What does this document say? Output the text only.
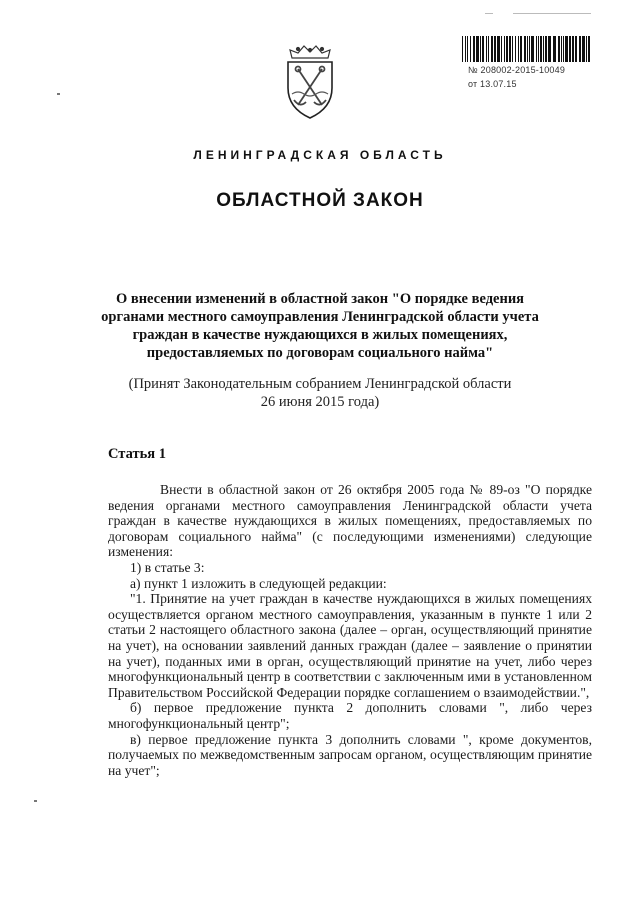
№ 208002-2015-10049
от 13.07.15
ЛЕНИНГРАДСКАЯ ОБЛАСТЬ
ОБЛАСТНОЙ ЗАКОН
О внесении изменений в областной закон "О порядке ведения органами местного самоуправления Ленинградской области учета граждан в качестве нуждающихся в жилых помещениях, предоставляемых по договорам социального найма"
(Принят Законодательным собранием Ленинградской области
26 июня 2015 года)
Статья 1

Внести в областной закон от 26 октября 2005 года № 89-оз "О порядке ведения органами местного самоуправления Ленинградской области учета граждан в качестве нуждающихся в жилых помещениях, предоставляемых по договорам социального найма" (с последующими изменениями) следующие изменения:

1) в статье 3:

а) пункт 1 изложить в следующей редакции:

"1. Принятие на учет граждан в качестве нуждающихся в жилых помещениях осуществляется органом местного самоуправления, указанным в пункте 1 или 2 статьи 2 настоящего областного закона (далее – орган, осуществляющий принятие на учет), на основании заявлений данных граждан (далее – заявление о принятии на учет), поданных ими в орган, осуществляющий принятие на учет, либо через многофункциональный центр в соответствии с заключенным ими в установленном Правительством Российской Федерации порядке соглашением о взаимодействии.",

б) первое предложение пункта 2 дополнить словами ", либо через многофункциональный центр";

в) первое предложение пункта 3 дополнить словами ", кроме документов, получаемых по межведомственным запросам органом, осуществляющим принятие на учет";
